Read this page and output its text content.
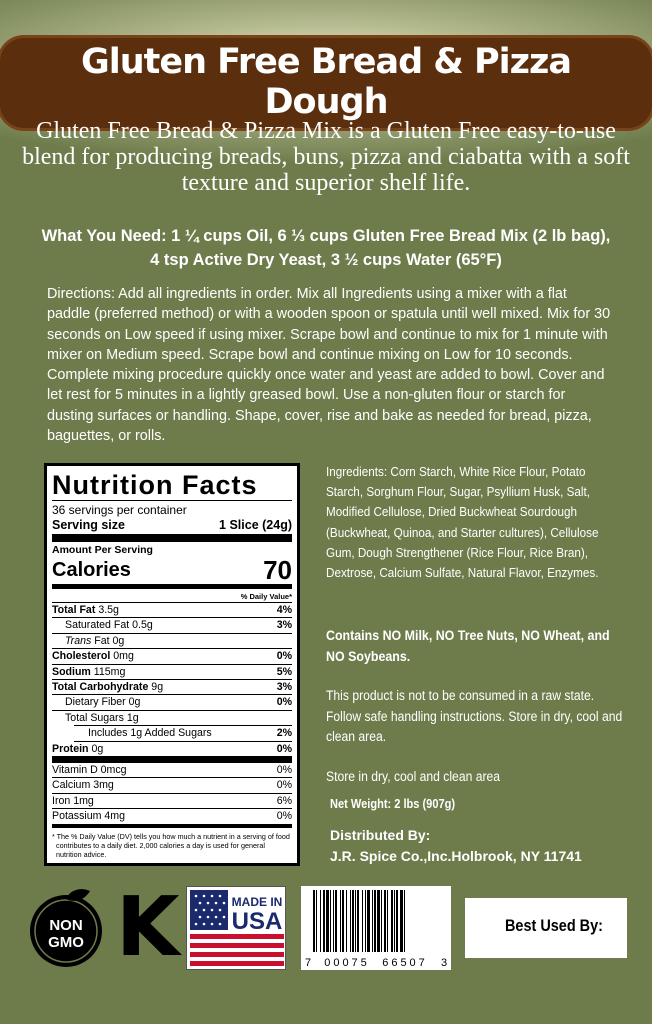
Gluten Free Bread & Pizza Dough
Gluten Free Bread & Pizza Mix is a Gluten Free easy-to-use blend for producing breads, buns, pizza and ciabatta with a soft texture and superior shelf life.
What You Need: 1 ¼ cups Oil, 6 ⅓ cups Gluten Free Bread Mix (2 lb bag),
4 tsp Active Dry Yeast, 3 ½ cups Water (65°F)
Directions: Add all ingredients in order. Mix all Ingredients using a mixer with a flat paddle (preferred method) or with a wooden spoon or spatula until well mixed. Mix for 30 seconds on Low speed if using mixer. Scrape bowl and continue to mix for 1 minute with mixer on Medium speed. Scrape bowl and continue mixing on Low for 10 seconds. Complete mixing procedure quickly once water and yeast are added to bowl. Cover and let rest for 5 minutes in a lightly greased bowl. Use a non-gluten flour or starch for dusting surfaces or handling. Shape, cover, rise and bake as needed for bread, pizza, baguettes, or rolls.
Nutrition Facts
36 servings per container
Serving size	1 Slice (24g)
Amount Per Serving
Calories	70
% Daily Value*
Total Fat 3.5g	4%
Saturated Fat 0.5g	3%
Trans Fat 0g
Cholesterol 0mg	0%
Sodium 115mg	5%
Total Carbohydrate 9g	3%
Dietary Fiber 0g	0%
Total Sugars 1g
Includes 1g Added Sugars	2%
Protein 0g	0%
Vitamin D 0mcg	0%
Calcium 3mg	0%
Iron 1mg	6%
Potassium 4mg	0%
* The % Daily Value (DV) tells you how much a nutrient in a serving of food contributes to a daily diet. 2,000 calories a day is used for general nutrition advice.
Ingredients: Corn Starch, White Rice Flour, Potato Starch, Sorghum Flour, Sugar, Psyllium Husk, Salt, Modified Cellulose, Dried Buckwheat Sourdough (Buckwheat, Quinoa, and Starter cultures), Cellulose Gum, Dough Strengthener (Rice Flour, Rice Bran), Dextrose, Calcium Sulfate, Natural Flavor, Enzymes.
Contains NO Milk, NO Tree Nuts, NO Wheat, and NO Soybeans.
This product is not to be consumed in a raw state. Follow safe handling instructions. Store in dry, cool and clean area.
Store in dry, cool and clean area
Net Weight: 2 lbs (907g)
Distributed By:
J.R. Spice Co.,Inc.Holbrook, NY 11741
NON
GMO K	MADE IN
USA
7 00075 66507 3
Best Used By:
